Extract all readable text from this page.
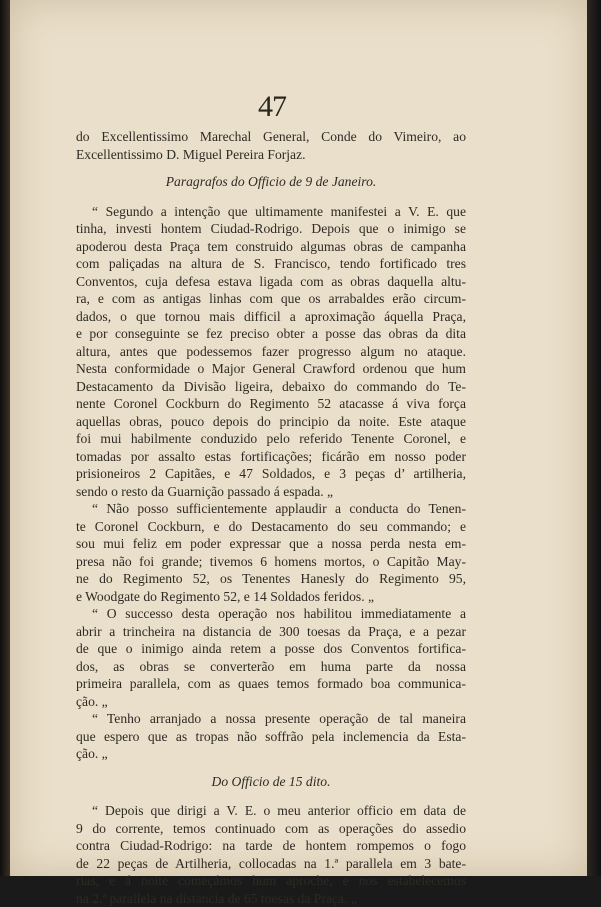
47
do Excellentissimo Marechal General, Conde do Vimeiro, ao
Excellentissimo D. Miguel Pereira Forjaz.
Paragrafos do Officio de 9 de Janeiro.
“ Segundo a intenção que ultimamente manifestei a V. E. que
tinha, investi hontem Ciudad-Rodrigo. Depois que o inimigo se
apoderou desta Praça tem construido algumas obras de campanha
com paliçadas na altura de S. Francisco, tendo fortificado tres
Conventos, cuja defesa estava ligada com as obras daquella altu-
ra, e com as antigas linhas com que os arrabaldes erão circum-
dados, o que tornou mais difficil a aproximação áquella Praça,
e por conseguinte se fez preciso obter a posse das obras da dita
altura, antes que podessemos fazer progresso algum no ataque.
Nesta conformidade o Major General Crawford ordenou que hum
Destacamento da Divisão ligeira, debaixo do commando do Te-
nente Coronel Cockburn do Regimento 52 atacasse á viva força
aquellas obras, pouco depois do principio da noite. Este ataque
foi mui habilmente conduzido pelo referido Tenente Coronel, e
tomadas por assalto estas fortificações; ficárão em nosso poder
prisioneiros 2 Capitães, e 47 Soldados, e 3 peças d’ artilheria,
sendo o resto da Guarnição passado á espada. „
“ Não posso sufficientemente applaudir a conducta do Tenen-
te Coronel Cockburn, e do Destacamento do seu commando; e
sou mui feliz em poder expressar que a nossa perda nesta em-
presa não foi grande; tivemos 6 homens mortos, o Capitão May-
ne do Regimento 52, os Tenentes Hanesly do Regimento 95,
e Woodgate do Regimento 52, e 14 Soldados feridos. „
“ O successo desta operação nos habilitou immediatamente a
abrir a trincheira na distancia de 300 toesas da Praça, e a pezar
de que o inimigo ainda retem a posse dos Conventos fortifica-
dos, as obras se converterão em huma parte da nossa
primeira parallela, com as quaes temos formado boa communica-
ção. „
“ Tenho arranjado a nossa presente operação de tal maneira
que espero que as tropas não soffrão pela inclemencia da Esta-
ção. „
Do Officio de 15 dito.
“ Depois que dirigi a V. E. o meu anterior officio em data de
9 do corrente, temos continuado com as operações do assedio
contra Ciudad-Rodrigo: na tarde de hontem rompemos o fogo
de 22 peças de Artilheria, collocadas na 1.ª parallela em 3 bate-
rias, e á noite começámos hum aproche, e nos estabelecemos
na 2.ª parallela na distancia de 65 toesas da Praça. „
